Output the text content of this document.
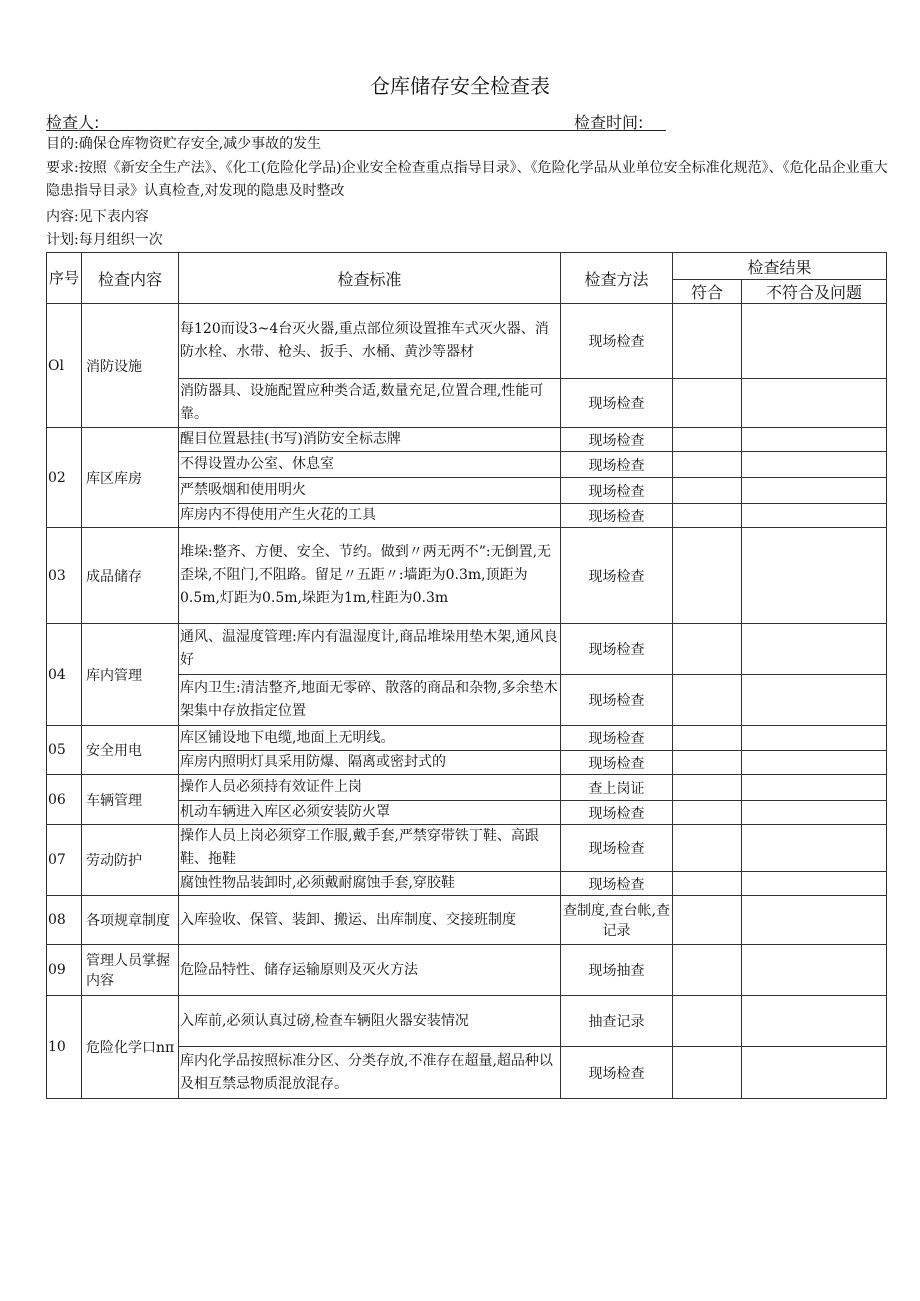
仓库储存安全检查表
检查人:	检查时间:
目的:确保仓库物资贮存安全,减少事故的发生
要求:按照《新安全生产法》、《化工(危险化学品)企业安全检查重点指导目录》、《危险化学品从业单位安全标准化规范》、《危化品企业重大隐患指导目录》认真检查,对发现的隐患及时整改
内容:见下表内容
计划:每月组织一次
序号	检查内容	检查标准	检查方法	检查结果	
				符合	不符合及问题
Ol	消防设施	每120而设3~4台灭火器,重点部位须设置推车式灭火器、消防水栓、水带、枪头、扳手、水桶、黄沙等器材	现场检查		
		消防器具、设施配置应种类合适,数量充足,位置合理,性能可靠。	现场检查		
02	库区库房	醒目位置悬挂(书写)消防安全标志牌	现场检查		
		不得设置办公室、休息室	现场检查		
		严禁吸烟和使用明火	现场检查		
		库房内不得使用产生火花的工具	现场检查		
03	成品储存	堆垛:整齐、方便、安全、节约。做到〃两无两不”:无倒置,无歪垛,不阻门,不阻路。留足〃五距〃:墙距为0.3m,顶距为0.5m,灯距为0.5m,垛距为1m,柱距为0.3m	现场检查		
04	库内管理	通风、温湿度管理:库内有温湿度计,商品堆垛用垫木架,通风良好	现场检查		
		库内卫生:清洁整齐,地面无零碎、散落的商品和杂物,多余垫木架集中存放指定位置	现场检查		
05	安全用电	库区铺设地下电缆,地面上无明线。	现场检查		
		库房内照明灯具采用防爆、隔离或密封式的	现场检查		
06	车辆管理	操作人员必须持有效证件上岗	查上岗证		
		机动车辆进入库区必须安装防火罩	现场检查		
07	劳动防护	操作人员上岗必须穿工作服,戴手套,严禁穿带铁丁鞋、高跟鞋、拖鞋	现场检查		
		腐蚀性物品装卸时,必须戴耐腐蚀手套,穿胶鞋	现场检查		
08	各项规章制度	入库验收、保管、装卸、搬运、出库制度、交接班制度	查制度,查台帐,查记录		
09	管理人员掌握内容	危险品特性、储存运输原则及灭火方法	现场抽查		
10	危险化学口nπ	入库前,必须认真过磅,检查车辆阻火器安装情况	抽查记录		
		库内化学品按照标准分区、分类存放,不准存在超量,超品种以及相互禁忌物质混放混存。	现场检查		
